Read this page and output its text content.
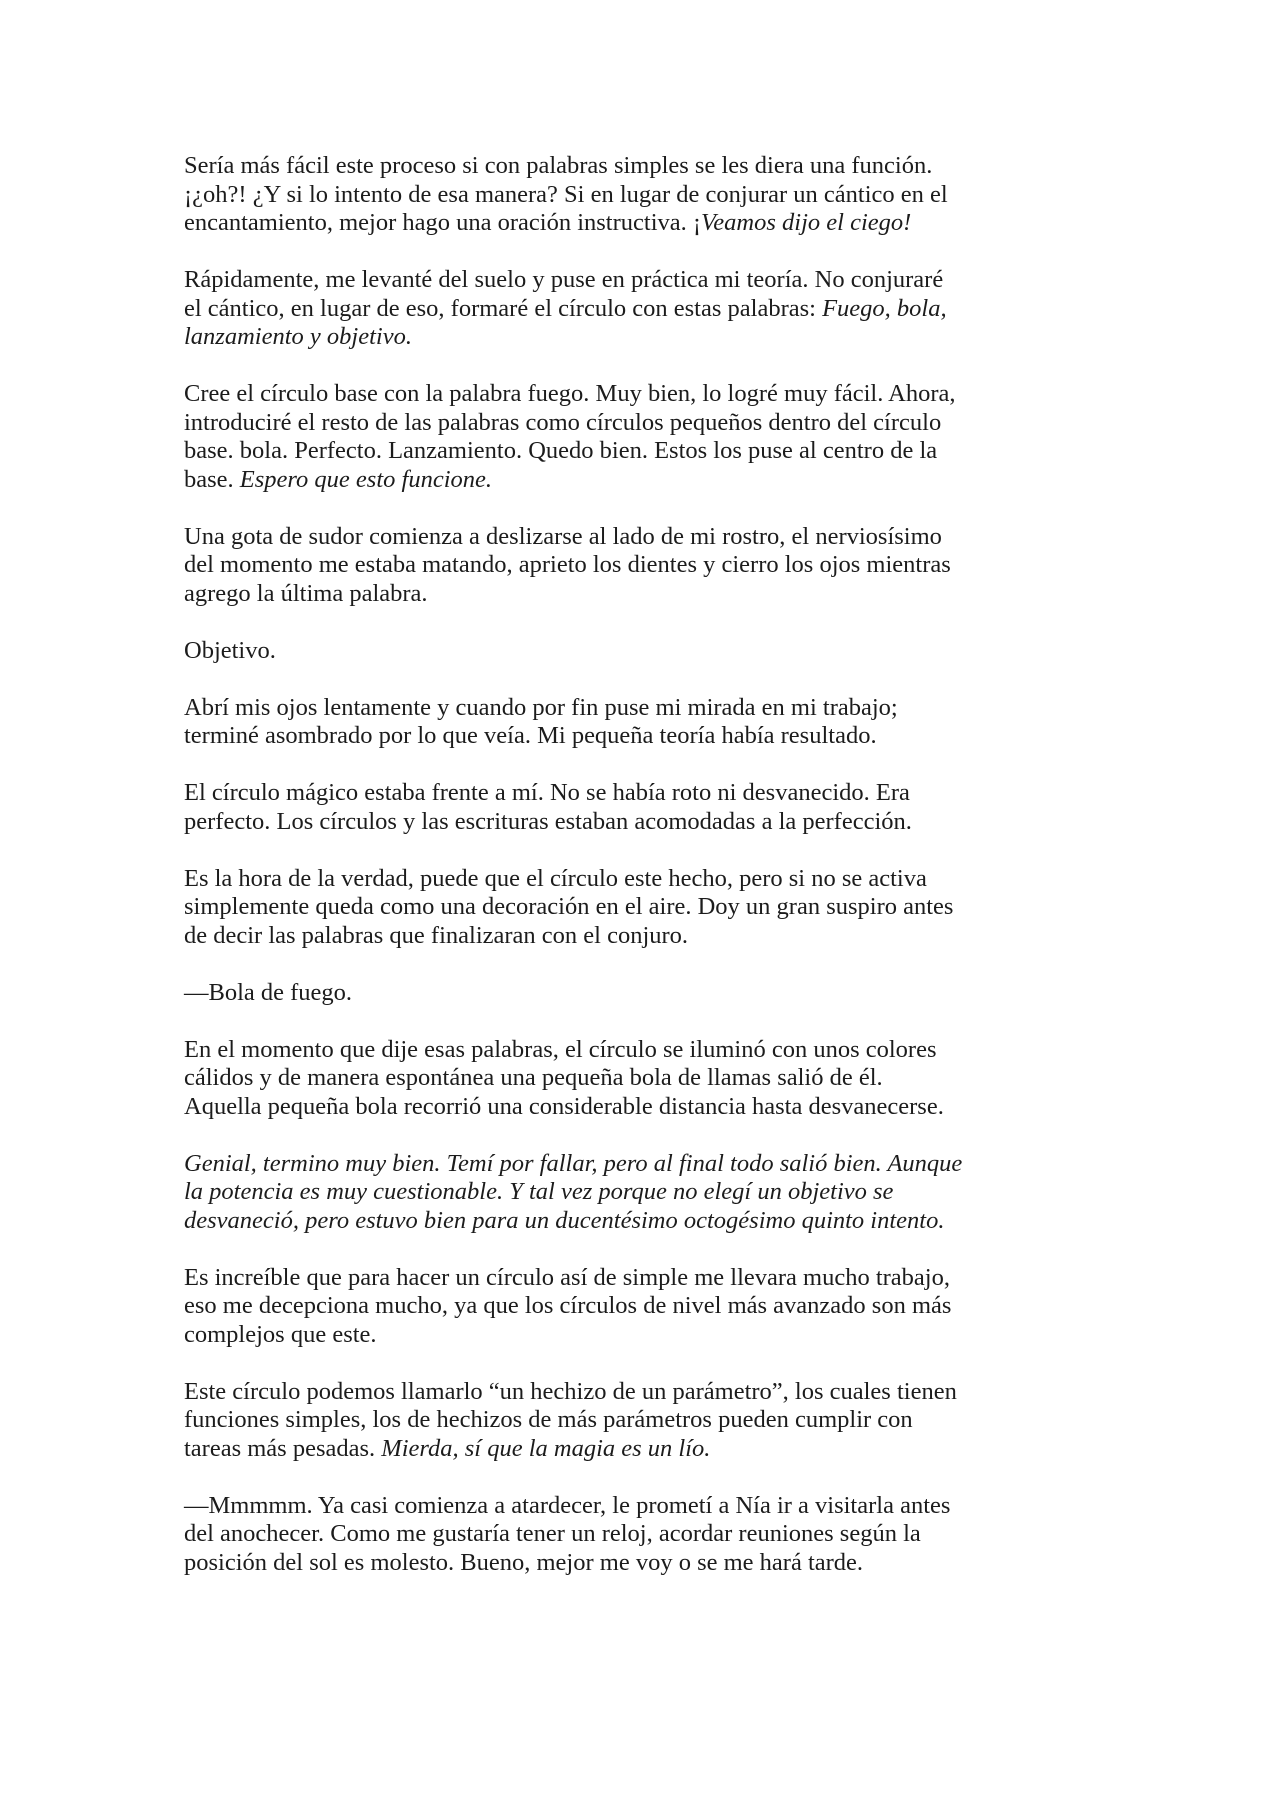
Sería más fácil este proceso si con palabras simples se les diera una función.
¡¿oh?! ¿Y si lo intento de esa manera? Si en lugar de conjurar un cántico en el
encantamiento, mejor hago una oración instructiva. ¡Veamos dijo el ciego!

Rápidamente, me levanté del suelo y puse en práctica mi teoría. No conjuraré
el cántico, en lugar de eso, formaré el círculo con estas palabras: Fuego, bola,
lanzamiento y objetivo.

Cree el círculo base con la palabra fuego. Muy bien, lo logré muy fácil. Ahora,
introduciré el resto de las palabras como círculos pequeños dentro del círculo
base. bola. Perfecto. Lanzamiento. Quedo bien. Estos los puse al centro de la
base. Espero que esto funcione.

Una gota de sudor comienza a deslizarse al lado de mi rostro, el nerviosísimo
del momento me estaba matando, aprieto los dientes y cierro los ojos mientras
agrego la última palabra.

Objetivo.

Abrí mis ojos lentamente y cuando por fin puse mi mirada en mi trabajo;
terminé asombrado por lo que veía. Mi pequeña teoría había resultado.

El círculo mágico estaba frente a mí. No se había roto ni desvanecido. Era
perfecto. Los círculos y las escrituras estaban acomodadas a la perfección.

Es la hora de la verdad, puede que el círculo este hecho, pero si no se activa
simplemente queda como una decoración en el aire. Doy un gran suspiro antes
de decir las palabras que finalizaran con el conjuro.

—Bola de fuego.

En el momento que dije esas palabras, el círculo se iluminó con unos colores
cálidos y de manera espontánea una pequeña bola de llamas salió de él.
Aquella pequeña bola recorrió una considerable distancia hasta desvanecerse.

Genial, termino muy bien. Temí por fallar, pero al final todo salió bien. Aunque
la potencia es muy cuestionable. Y tal vez porque no elegí un objetivo se
desvaneció, pero estuvo bien para un ducentésimo octogésimo quinto intento.

Es increíble que para hacer un círculo así de simple me llevara mucho trabajo,
eso me decepciona mucho, ya que los círculos de nivel más avanzado son más
complejos que este.

Este círculo podemos llamarlo “un hechizo de un parámetro”, los cuales tienen
funciones simples, los de hechizos de más parámetros pueden cumplir con
tareas más pesadas. Mierda, sí que la magia es un lío.

—Mmmmm. Ya casi comienza a atardecer, le prometí a Nía ir a visitarla antes
del anochecer. Como me gustaría tener un reloj, acordar reuniones según la
posición del sol es molesto. Bueno, mejor me voy o se me hará tarde.
